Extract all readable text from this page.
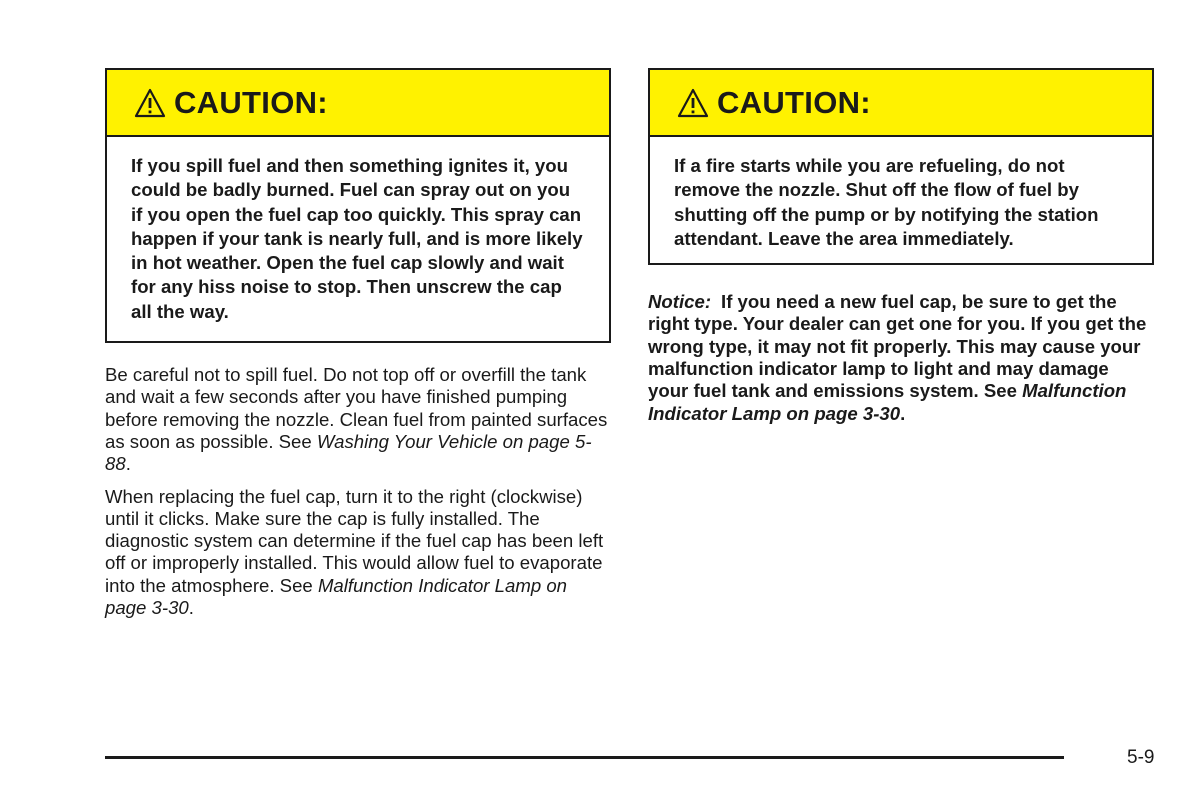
CAUTION:
If you spill fuel and then something ignites it, you could be badly burned. Fuel can spray out on you if you open the fuel cap too quickly. This spray can happen if your tank is nearly full, and is more likely in hot weather. Open the fuel cap slowly and wait for any hiss noise to stop. Then unscrew the cap all the way.

Be careful not to spill fuel. Do not top off or overfill the tank and wait a few seconds after you have finished pumping before removing the nozzle. Clean fuel from painted surfaces as soon as possible. See Washing Your Vehicle on page 5-88.

When replacing the fuel cap, turn it to the right (clockwise) until it clicks. Make sure the cap is fully installed. The diagnostic system can determine if the fuel cap has been left off or improperly installed. This would allow fuel to evaporate into the atmosphere. See Malfunction Indicator Lamp on page 3-30.

CAUTION:
If a fire starts while you are refueling, do not remove the nozzle. Shut off the flow of fuel by shutting off the pump or by notifying the station attendant. Leave the area immediately.

Notice: If you need a new fuel cap, be sure to get the right type. Your dealer can get one for you. If you get the wrong type, it may not fit properly. This may cause your malfunction indicator lamp to light and may damage your fuel tank and emissions system. See Malfunction Indicator Lamp on page 3-30.

5-9
